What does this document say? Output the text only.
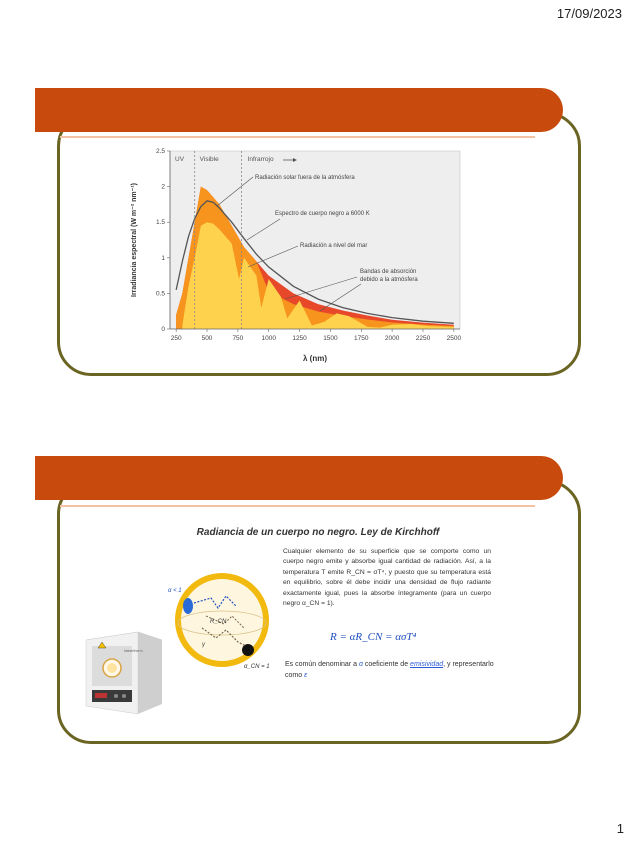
17/09/2023
250	500	750	1000	1250	1500	1750	2000	2250	2500
0
0.5
1
1.5
2
2.5
UV Visible	Infrarrojo
Radiación solar fuera de la atmósfera
Espectro de cuerpo negro a 6000 K
Radiación a nivel del mar
Bandas de absorción debido a la atmósfera
λ (nm)
Irradiancia espectral (W m⁻² nm⁻¹)
Radiancia de un cuerpo no negro. Ley de Kirchhoff
Cualquier elemento de su superficie que se comporte como un cuerpo negro emite y absorbe igual cantidad de radiación. Así, a la temperatura T emite R_CN = σT⁴, y puesto que su temperatura está en equilibrio, sobre él debe incidir una densidad de flujo radiante exactamente igual, pues la absorbe íntegramente (para un cuerpo negro α_CN = 1).
R = αR_CN = ασT⁴
Es común denominar a α coeficiente de emisividad, y representarlo como ε
α < 1
R_CN
γ
α_CN = 1
Nabertherm
1
